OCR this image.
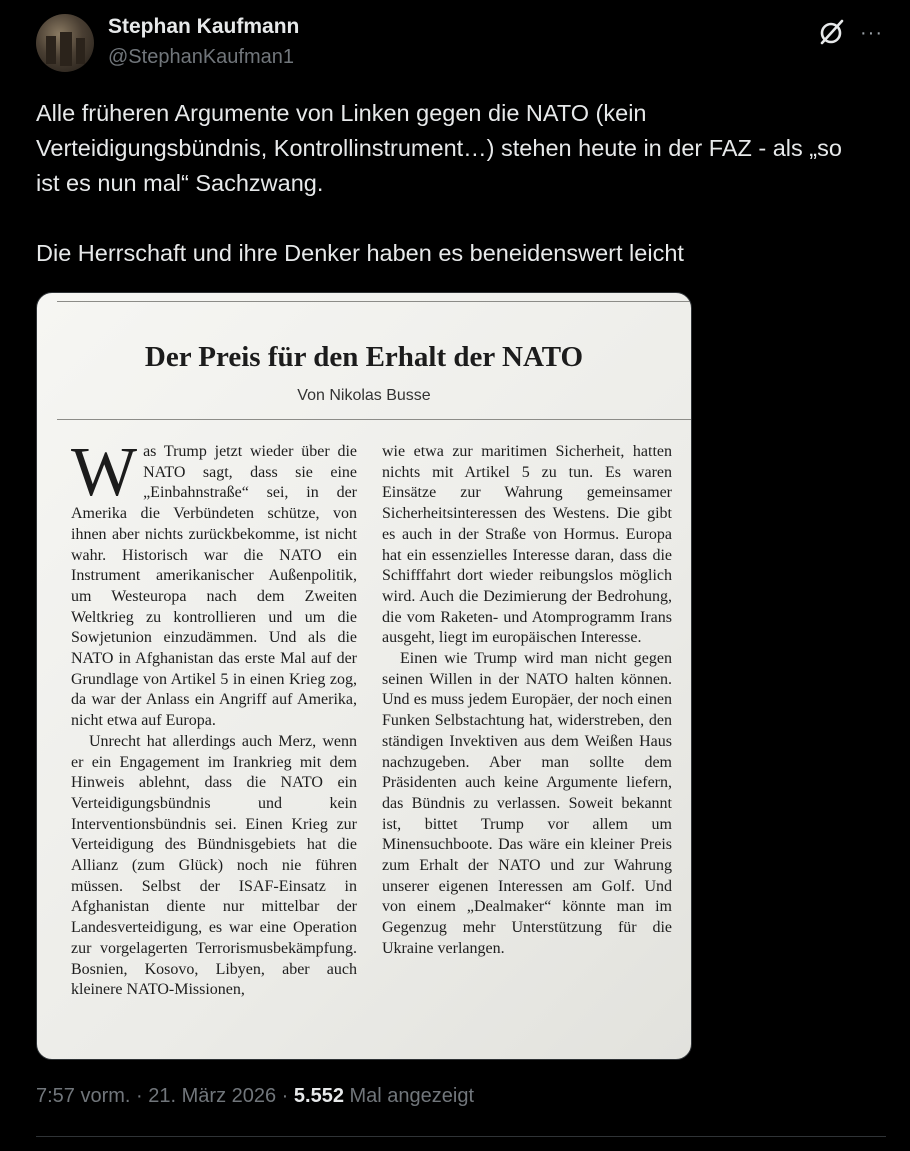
Stephan Kaufmann
@StephanKaufman1
···

Alle früheren Argumente von Linken gegen die NATO (kein Verteidigungsbündnis, Kontrollinstrument…) stehen heute in der FAZ - als „so ist es nun mal“ Sachzwang.

Die Herrschaft und ihre Denker haben es beneidenswert leicht

Der Preis für den Erhalt der NATO
Von Nikolas Busse

Was Trump jetzt wieder über die NATO sagt, dass sie eine „Einbahnstraße“ sei, in der Amerika die Verbündeten schütze, von ihnen aber nichts zurückbekomme, ist nicht wahr. Historisch war die NATO ein Instrument amerikanischer Außenpolitik, um Westeuropa nach dem Zweiten Weltkrieg zu kontrollieren und um die Sowjetunion einzudämmen. Und als die NATO in Afghanistan das erste Mal auf der Grundlage von Artikel 5 in einen Krieg zog, da war der Anlass ein Angriff auf Amerika, nicht etwa auf Europa.

Unrecht hat allerdings auch Merz, wenn er ein Engagement im Irankrieg mit dem Hinweis ablehnt, dass die NATO ein Verteidigungsbündnis und kein Interventionsbündnis sei. Einen Krieg zur Verteidigung des Bündnisgebiets hat die Allianz (zum Glück) noch nie führen müssen. Selbst der ISAF-Einsatz in Afghanistan diente nur mittelbar der Landesverteidigung, es war eine Operation zur vorgelagerten Terrorismusbekämpfung. Bosnien, Kosovo, Libyen, aber auch kleinere NATO-Missionen,

wie etwa zur maritimen Sicherheit, hatten nichts mit Artikel 5 zu tun. Es waren Einsätze zur Wahrung gemeinsamer Sicherheitsinteressen des Westens. Die gibt es auch in der Straße von Hormus. Europa hat ein essenzielles Interesse daran, dass die Schifffahrt dort wieder reibungslos möglich wird. Auch die Dezimierung der Bedrohung, die vom Raketen- und Atomprogramm Irans ausgeht, liegt im europäischen Interesse.

Einen wie Trump wird man nicht gegen seinen Willen in der NATO halten können. Und es muss jedem Europäer, der noch einen Funken Selbstachtung hat, widerstreben, den ständigen Invektiven aus dem Weißen Haus nachzugeben. Aber man sollte dem Präsidenten auch keine Argumente liefern, das Bündnis zu verlassen. Soweit bekannt ist, bittet Trump vor allem um Minensuchboote. Das wäre ein kleiner Preis zum Erhalt der NATO und zur Wahrung unserer eigenen Interessen am Golf. Und von einem „Dealmaker“ könnte man im Gegenzug mehr Unterstützung für die Ukraine verlangen.

7:57 vorm. · 21. März 2026 · 5.552 Mal angezeigt
